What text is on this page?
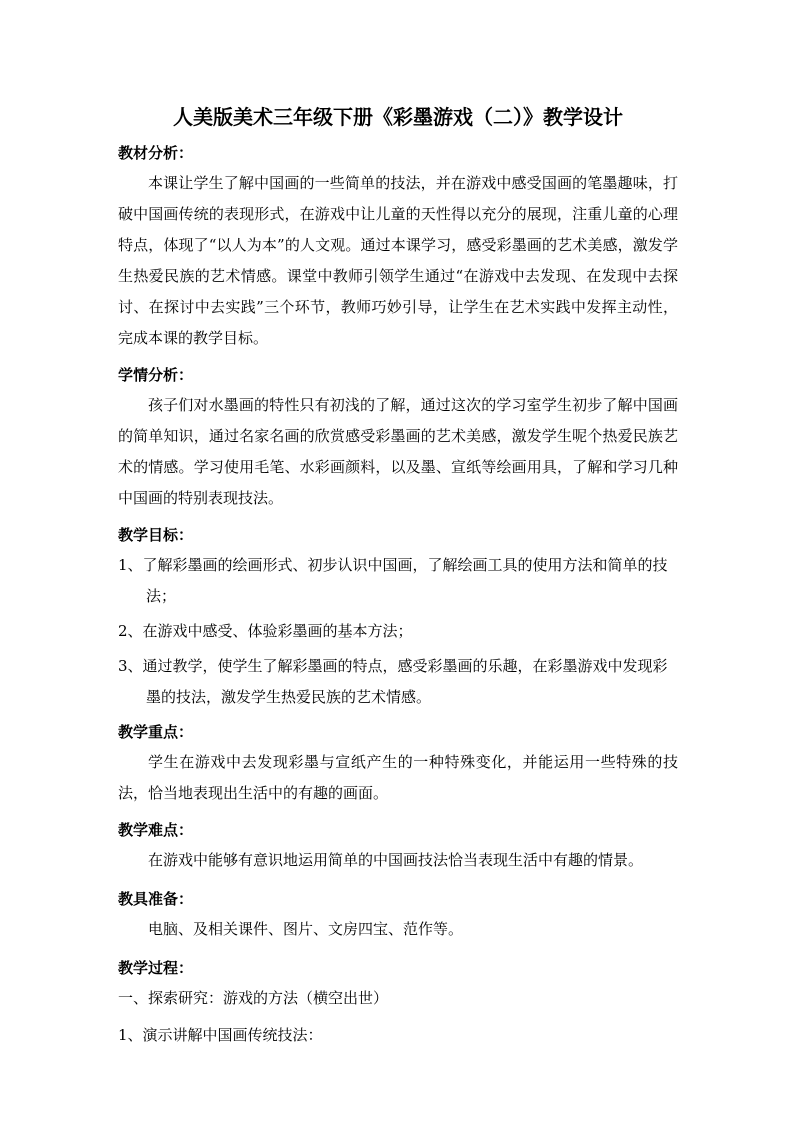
人美版美术三年级下册《彩墨游戏（二）》教学设计

教材分析：

本课让学生了解中国画的一些简单的技法，并在游戏中感受国画的笔墨趣味，打破中国画传统的表现形式，在游戏中让儿童的天性得以充分的展现，注重儿童的心理特点，体现了“以人为本”的人文观。通过本课学习，感受彩墨画的艺术美感，激发学生热爱民族的艺术情感。课堂中教师引领学生通过“在游戏中去发现、在发现中去探讨、在探讨中去实践”三个环节，教师巧妙引导，让学生在艺术实践中发挥主动性，完成本课的教学目标。

学情分析：

孩子们对水墨画的特性只有初浅的了解，通过这次的学习室学生初步了解中国画的简单知识，通过名家名画的欣赏感受彩墨画的艺术美感，激发学生呢个热爱民族艺术的情感。学习使用毛笔、水彩画颜料，以及墨、宣纸等绘画用具，了解和学习几种中国画的特别表现技法。

教学目标：

1、了解彩墨画的绘画形式、初步认识中国画，了解绘画工具的使用方法和简单的技法；

2、在游戏中感受、体验彩墨画的基本方法；

3、通过教学，使学生了解彩墨画的特点，感受彩墨画的乐趣，在彩墨游戏中发现彩墨的技法，激发学生热爱民族的艺术情感。

教学重点：

学生在游戏中去发现彩墨与宣纸产生的一种特殊变化，并能运用一些特殊的技法，恰当地表现出生活中的有趣的画面。

教学难点：

在游戏中能够有意识地运用简单的中国画技法恰当表现生活中有趣的情景。

教具准备：

电脑、及相关课件、图片、文房四宝、范作等。

教学过程：

一、探索研究：游戏的方法（横空出世）

1、演示讲解中国画传统技法：
